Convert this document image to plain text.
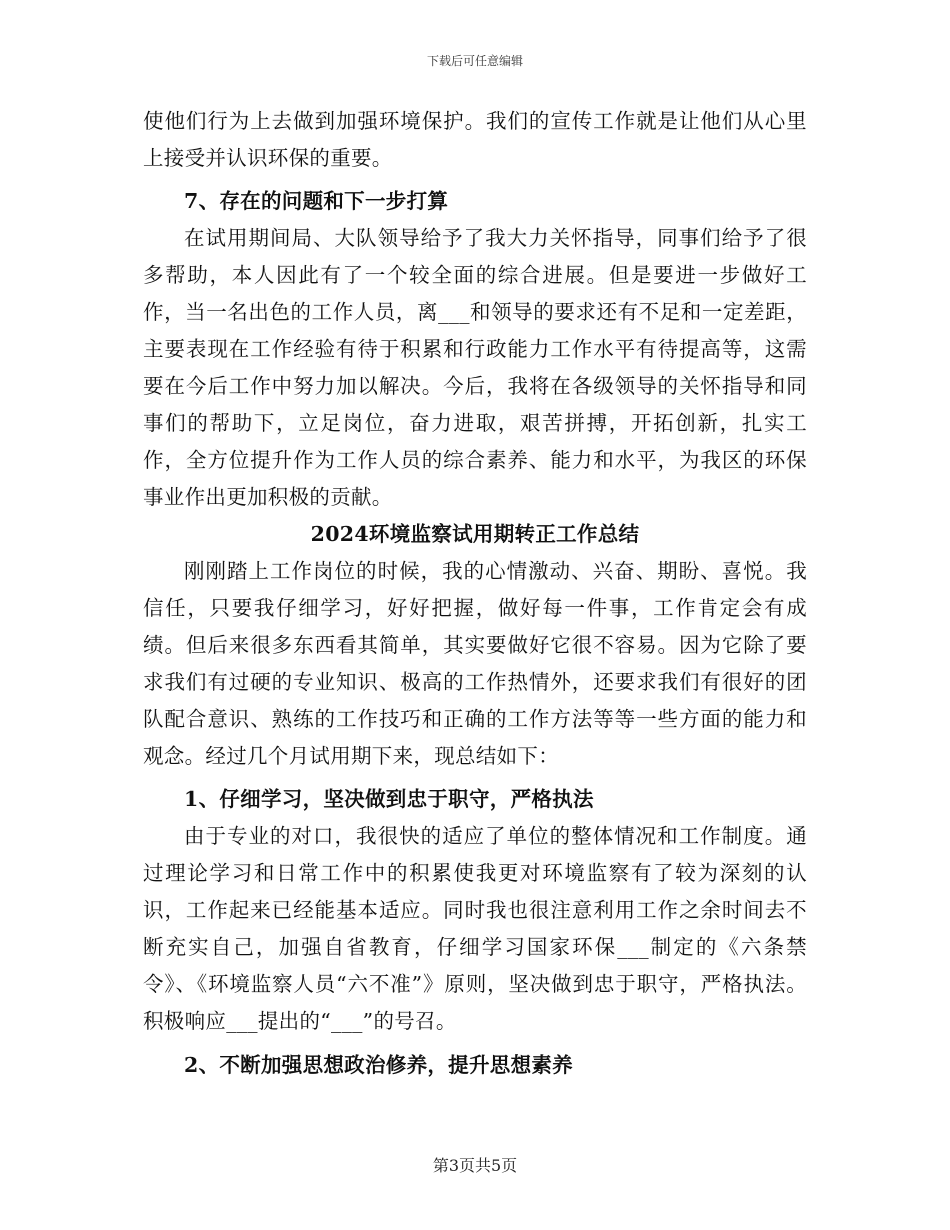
下载后可任意编辑

使他们行为上去做到加强环境保护。我们的宣传工作就是让他们从心里上接受并认识环保的重要。

7、存在的问题和下一步打算

在试用期间局、大队领导给予了我大力关怀指导，同事们给予了很多帮助，本人因此有了一个较全面的综合进展。但是要进一步做好工作，当一名出色的工作人员，离___和领导的要求还有不足和一定差距，主要表现在工作经验有待于积累和行政能力工作水平有待提高等，这需要在今后工作中努力加以解决。今后，我将在各级领导的关怀指导和同事们的帮助下，立足岗位，奋力进取，艰苦拼搏，开拓创新，扎实工作，全方位提升作为工作人员的综合素养、能力和水平，为我区的环保事业作出更加积极的贡献。

2024环境监察试用期转正工作总结

刚刚踏上工作岗位的时候，我的心情激动、兴奋、期盼、喜悦。我信任，只要我仔细学习，好好把握，做好每一件事，工作肯定会有成绩。但后来很多东西看其简单，其实要做好它很不容易。因为它除了要求我们有过硬的专业知识、极高的工作热情外，还要求我们有很好的团队配合意识、熟练的工作技巧和正确的工作方法等等一些方面的能力和观念。经过几个月试用期下来，现总结如下：

1、仔细学习，坚决做到忠于职守，严格执法

由于专业的对口，我很快的适应了单位的整体情况和工作制度。通过理论学习和日常工作中的积累使我更对环境监察有了较为深刻的认识，工作起来已经能基本适应。同时我也很注意利用工作之余时间去不断充实自己，加强自省教育，仔细学习国家环保___制定的《六条禁令》、《环境监察人员“六不准”》原则，坚决做到忠于职守，严格执法。积极响应___提出的“___”的号召。

2、不断加强思想政治修养，提升思想素养

第3页共5页
